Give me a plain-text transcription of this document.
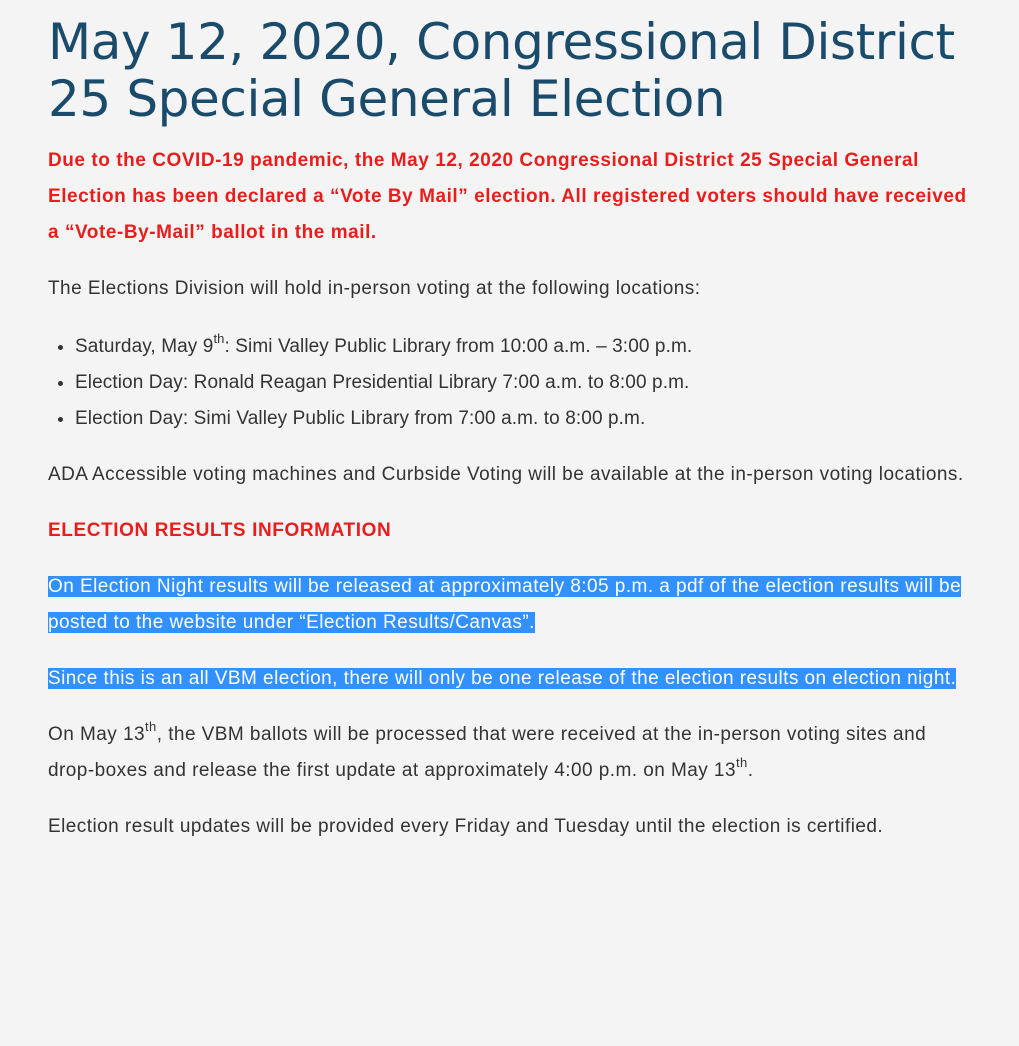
May 12, 2020, Congressional District 25 Special General Election

Due to the COVID-19 pandemic, the May 12, 2020 Congressional District 25 Special General Election has been declared a “Vote By Mail” election. All registered voters should have received a “Vote-By-Mail” ballot in the mail.

The Elections Division will hold in-person voting at the following locations:

• Saturday, May 9th: Simi Valley Public Library from 10:00 a.m. – 3:00 p.m.
• Election Day: Ronald Reagan Presidential Library 7:00 a.m. to 8:00 p.m.
• Election Day: Simi Valley Public Library from 7:00 a.m. to 8:00 p.m.

ADA Accessible voting machines and Curbside Voting will be available at the in-person voting locations.

ELECTION RESULTS INFORMATION

On Election Night results will be released at approximately 8:05 p.m. a pdf of the election results will be posted to the website under “Election Results/Canvas”.

Since this is an all VBM election, there will only be one release of the election results on election night.

On May 13th, the VBM ballots will be processed that were received at the in-person voting sites and drop-boxes and release the first update at approximately 4:00 p.m. on May 13th.

Election result updates will be provided every Friday and Tuesday until the election is certified.
